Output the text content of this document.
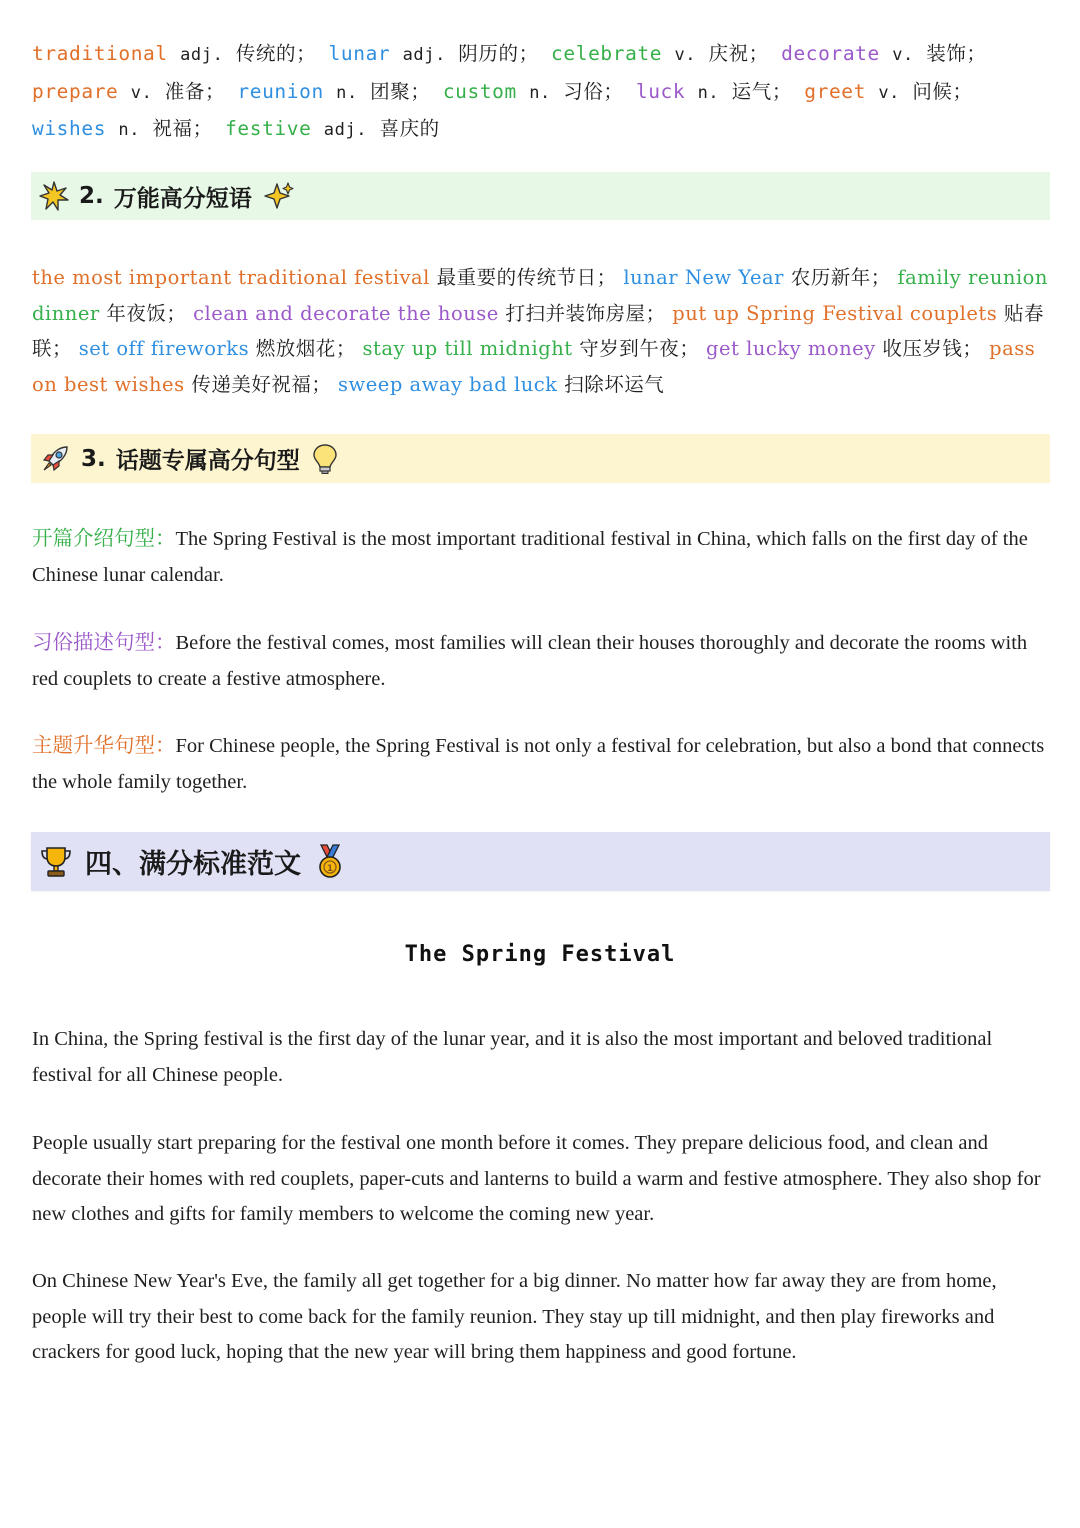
traditional adj. 传统的； lunar adj. 阴历的； celebrate v. 庆祝； decorate v. 装饰； prepare v. 准备； reunion n. 团聚； custom n. 习俗； luck n. 运气； greet v. 问候； wishes n. 祝福； festive adj. 喜庆的

2. 万能高分短语

the most important traditional festival 最重要的传统节日； lunar New Year 农历新年； family reunion dinner 年夜饭； clean and decorate the house 打扫并装饰房屋； put up Spring Festival couplets 贴春联； set off fireworks 燃放烟花； stay up till midnight 守岁到午夜； get lucky money 收压岁钱； pass on best wishes 传递美好祝福； sweep away bad luck 扫除坏运气

3. 话题专属高分句型

开篇介绍句型：The Spring Festival is the most important traditional festival in China, which falls on the first day of the Chinese lunar calendar.

习俗描述句型：Before the festival comes, most families will clean their houses thoroughly and decorate the rooms with red couplets to create a festive atmosphere.

主题升华句型：For Chinese people, the Spring Festival is not only a festival for celebration, but also a bond that connects the whole family together.

四、满分标准范文	1
The Spring Festival

In China, the Spring festival is the first day of the lunar year, and it is also the most important and beloved traditional festival for all Chinese people.

People usually start preparing for the festival one month before it comes. They prepare delicious food, and clean and decorate their homes with red couplets, paper-cuts and lanterns to build a warm and festive atmosphere. They also shop for new clothes and gifts for family members to welcome the coming new year.

On Chinese New Year's Eve, the family all get together for a big dinner. No matter how far away they are from home, people will try their best to come back for the family reunion. They stay up till midnight, and then play fireworks and crackers for good luck, hoping that the new year will bring them happiness and good fortune.
